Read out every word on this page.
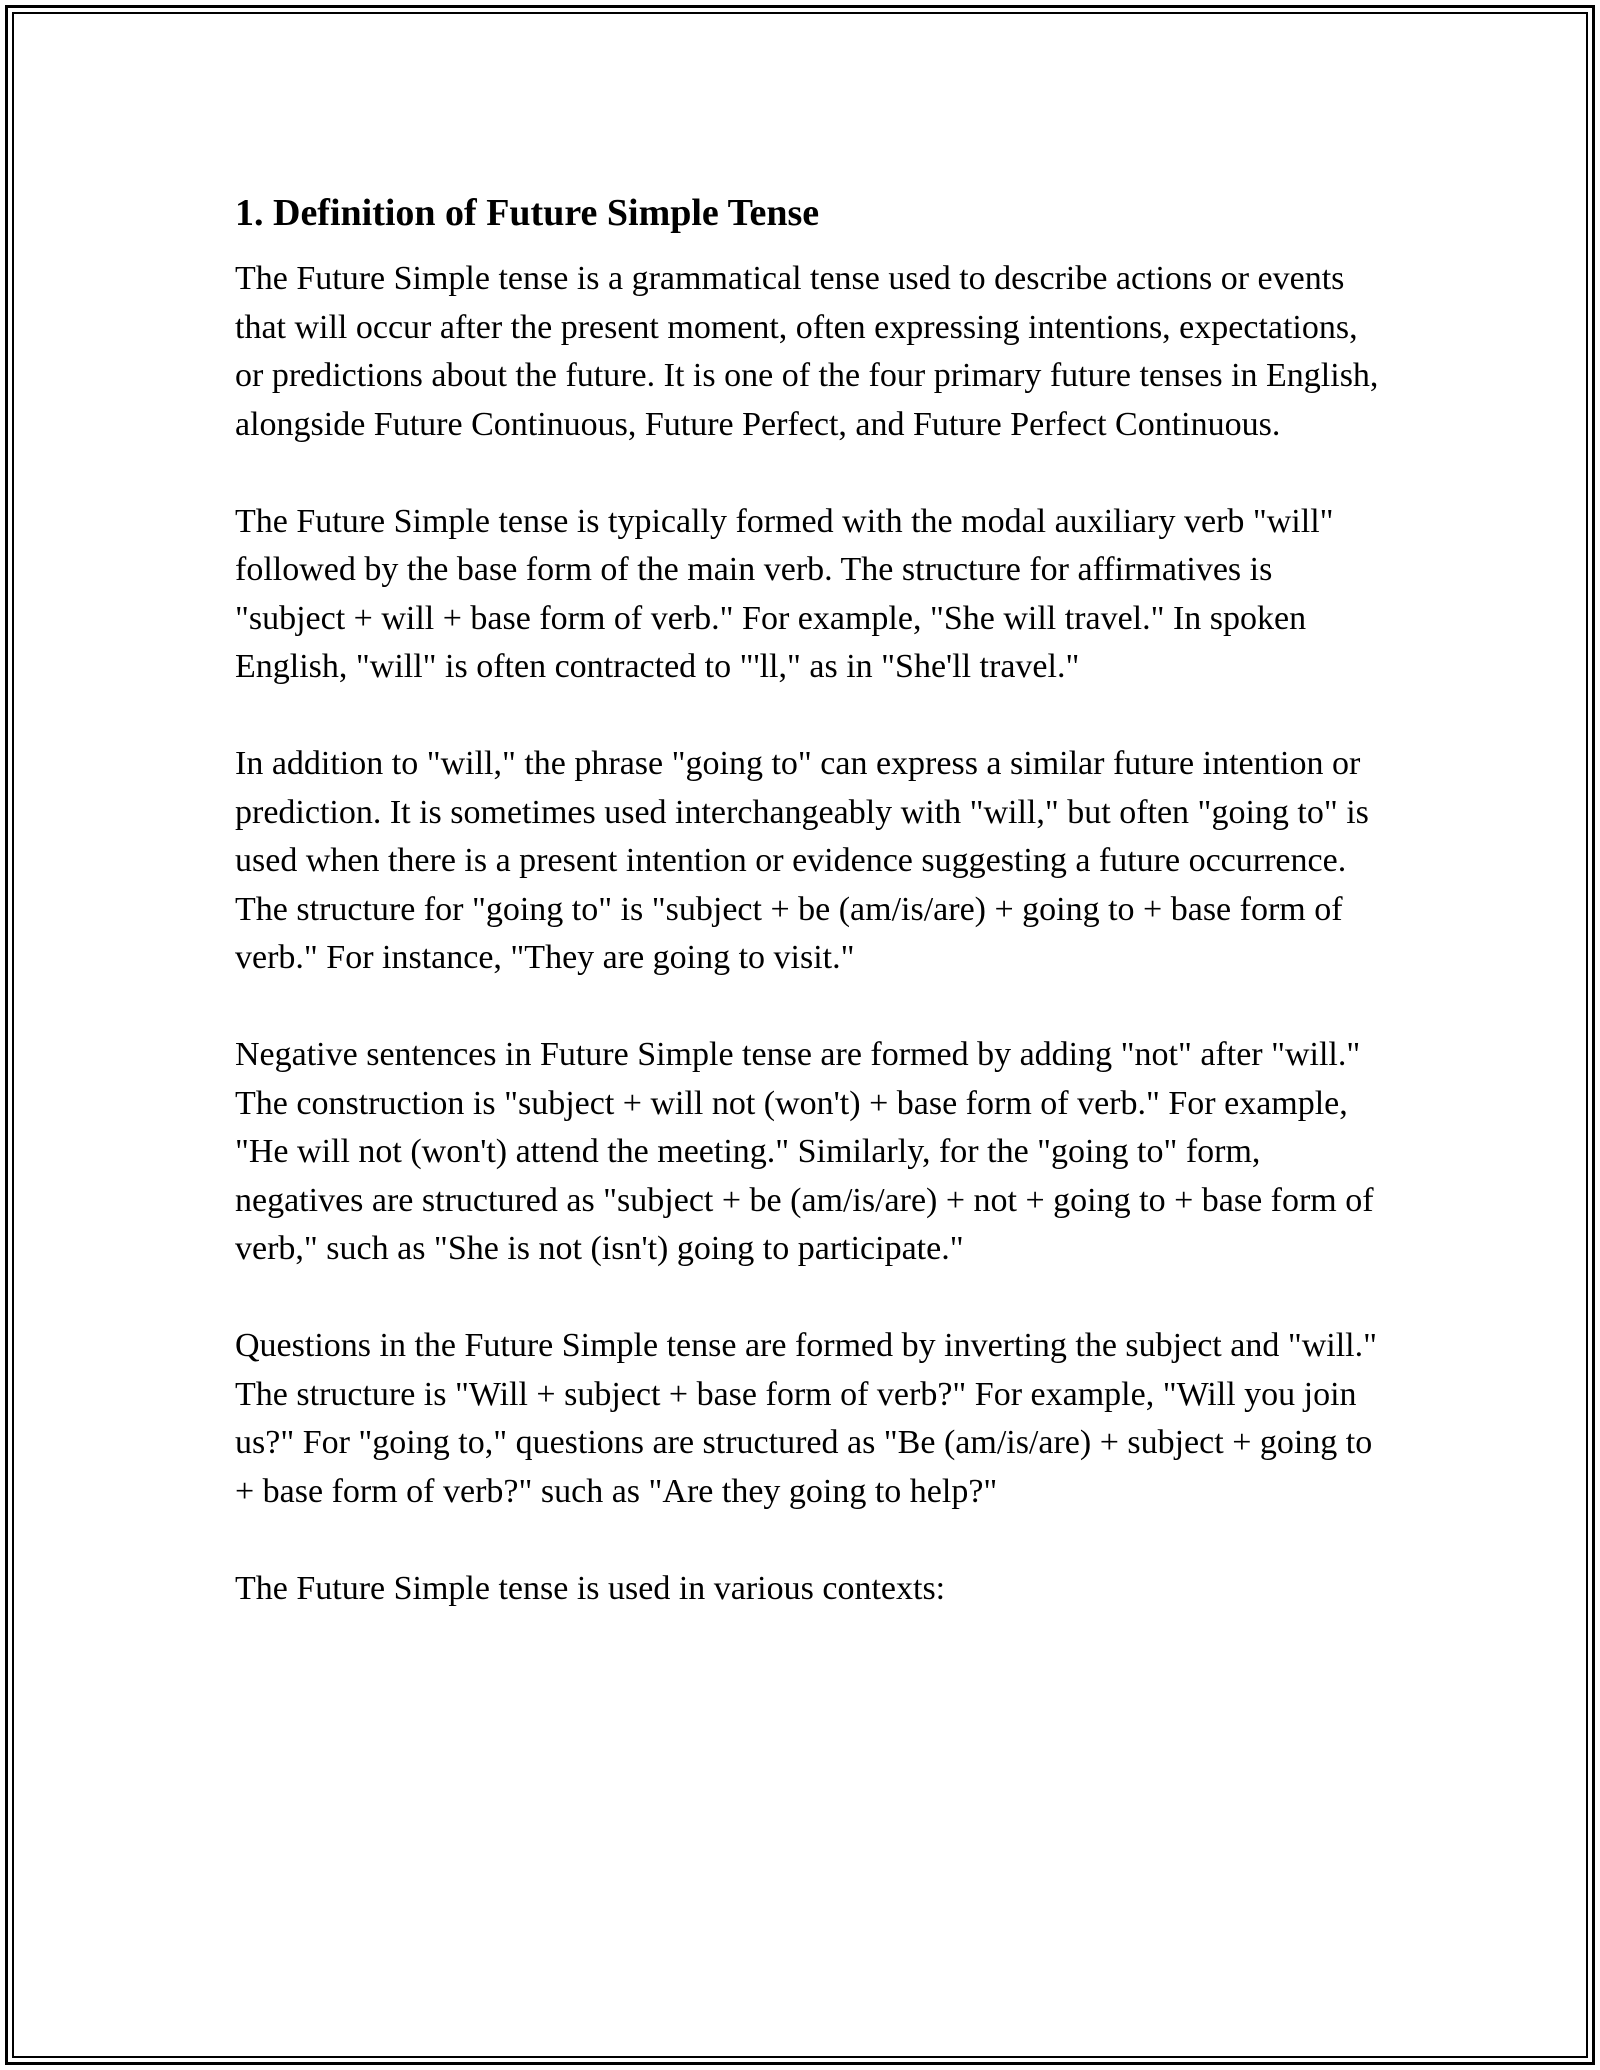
1. Definition of Future Simple Tense

The Future Simple tense is a grammatical tense used to describe actions or events that will occur after the present moment, often expressing intentions, expectations, or predictions about the future. It is one of the four primary future tenses in English, alongside Future Continuous, Future Perfect, and Future Perfect Continuous.

The Future Simple tense is typically formed with the modal auxiliary verb "will" followed by the base form of the main verb. The structure for affirmatives is "subject + will + base form of verb." For example, "She will travel." In spoken English, "will" is often contracted to "'ll," as in "She'll travel."

In addition to "will," the phrase "going to" can express a similar future intention or prediction. It is sometimes used interchangeably with "will," but often "going to" is used when there is a present intention or evidence suggesting a future occurrence. The structure for "going to" is "subject + be (am/is/are) + going to + base form of verb." For instance, "They are going to visit."

Negative sentences in Future Simple tense are formed by adding "not" after "will." The construction is "subject + will not (won't) + base form of verb." For example, "He will not (won't) attend the meeting." Similarly, for the "going to" form, negatives are structured as "subject + be (am/is/are) + not + going to + base form of verb," such as "She is not (isn't) going to participate."

Questions in the Future Simple tense are formed by inverting the subject and "will." The structure is "Will + subject + base form of verb?" For example, "Will you join us?" For "going to," questions are structured as "Be (am/is/are) + subject + going to + base form of verb?" such as "Are they going to help?"

The Future Simple tense is used in various contexts:
